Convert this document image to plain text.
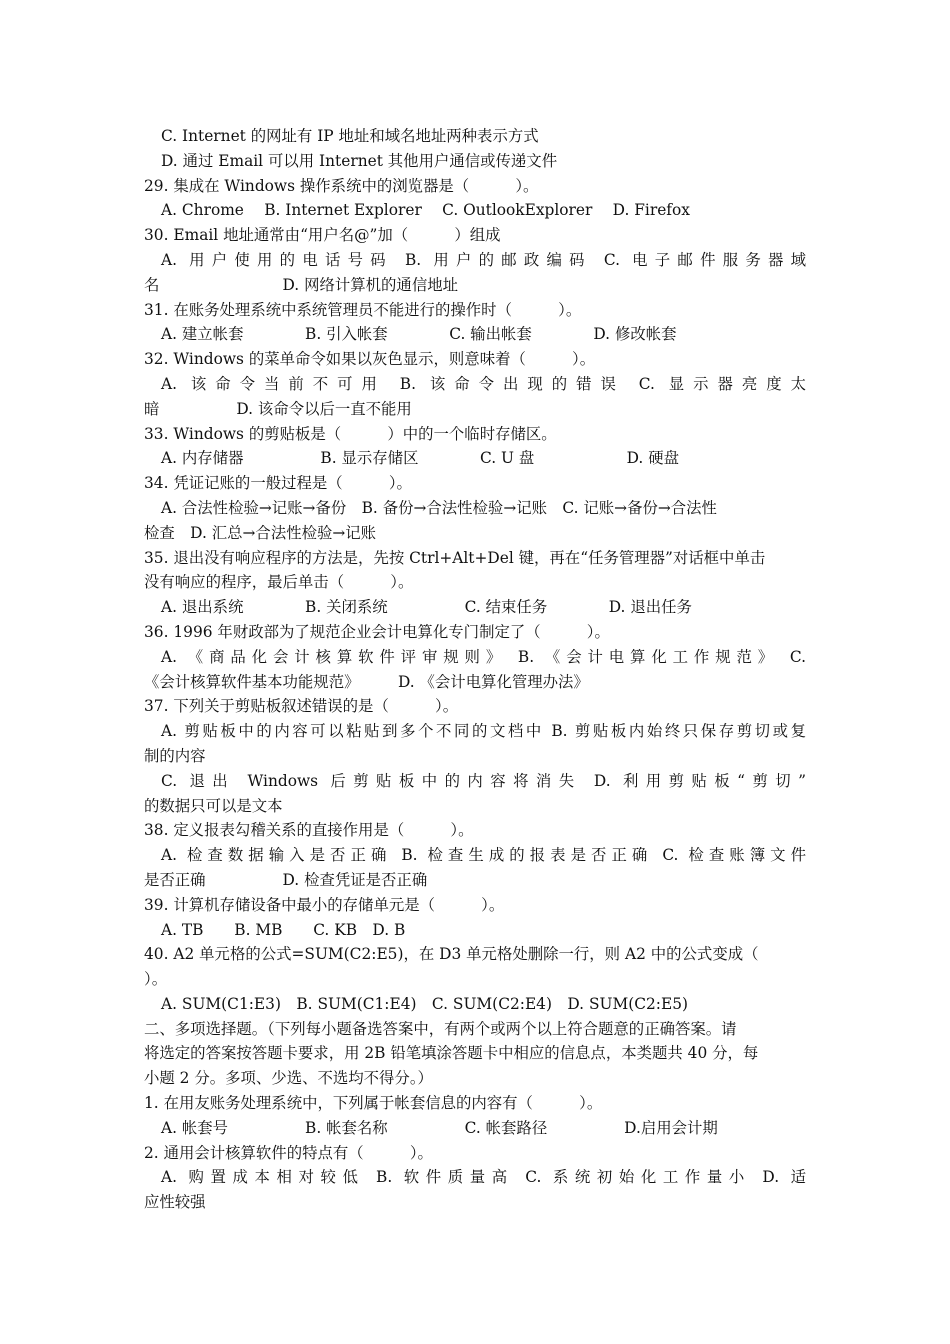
C. Internet 的网址有 IP 地址和域名地址两种表示方式
D. 通过 Email 可以用 Internet 其他用户通信或传递文件
29. 集成在 Windows 操作系统中的浏览器是（　　　）。
A. Chrome　 B. Internet Explorer　 C. OutlookExplorer　 D. Firefox
30. Email 地址通常由“用户名@”加（　　　）组成
A. 用户使用的电话号码 B. 用户的邮政编码 C. 电子邮件服务器域
名　　　　　　　　D. 网络计算机的通信地址
31. 在账务处理系统中系统管理员不能进行的操作时（　　　）。
A. 建立帐套　　　　B. 引入帐套　　　　C. 输出帐套　　　　D. 修改帐套
32. Windows 的菜单命令如果以灰色显示，则意味着（　　　）。
A. 该命令当前不可用 B. 该命令出现的错误 C. 显示器亮度太
暗　　　　　D. 该命令以后一直不能用
33. Windows 的剪贴板是（　　　）中的一个临时存储区。
A. 内存储器　　　　　B. 显示存储区　　　　C. U 盘　　　　　　D. 硬盘
34. 凭证记账的一般过程是（　　　）。
A. 合法性检验→记账→备份　B. 备份→合法性检验→记账　C. 记账→备份→合法性
检查　D. 汇总→合法性检验→记账
35. 退出没有响应程序的方法是，先按 Ctrl+Alt+Del 键，再在“任务管理器”对话框中单击
没有响应的程序，最后单击（　　　）。
A. 退出系统　　　　B. 关闭系统　　　　　C. 结束任务　　　　D. 退出任务
36. 1996 年财政部为了规范企业会计电算化专门制定了（　　　）。
A. 《商品化会计核算软件评审规则》 B. 《会计电算化工作规范》 C.
《会计核算软件基本功能规范》　　　D. 《会计电算化管理办法》
37. 下列关于剪贴板叙述错误的是（　　　）。
A. 剪贴板中的内容可以粘贴到多个不同的文档中 B. 剪贴板内始终只保存剪切或复
制的内容
C. 退出 Windows 后剪贴板中的内容将消失 D. 利用剪贴板“剪切”
的数据只可以是文本
38. 定义报表勾稽关系的直接作用是（　　　）。
A. 检查数据输入是否正确 B. 检查生成的报表是否正确 C. 检查账簿文件
是否正确　　　　　D. 检查凭证是否正确
39. 计算机存储设备中最小的存储单元是（　　　）。
A. TB　　B. MB　　C. KB　D. B
40. A2 单元格的公式=SUM(C2:E5)，在 D3 单元格处删除一行，则 A2 中的公式变成（
）。
A. SUM(C1:E3)　B. SUM(C1:E4)　C. SUM(C2:E4)　D. SUM(C2:E5)
二、多项选择题。（下列每小题备选答案中，有两个或两个以上符合题意的正确答案。请
将选定的答案按答题卡要求，用 2B 铅笔填涂答题卡中相应的信息点，本类题共 40 分，每
小题 2 分。多项、少选、不选均不得分。）
1. 在用友账务处理系统中，下列属于帐套信息的内容有（　　　）。
A. 帐套号　　　　　B. 帐套名称　　　　　C. 帐套路径　　　　　D.启用会计期
2. 通用会计核算软件的特点有（　　　）。
A. 购置成本相对较低 B. 软件质量高 C. 系统初始化工作量小 D. 适
应性较强
